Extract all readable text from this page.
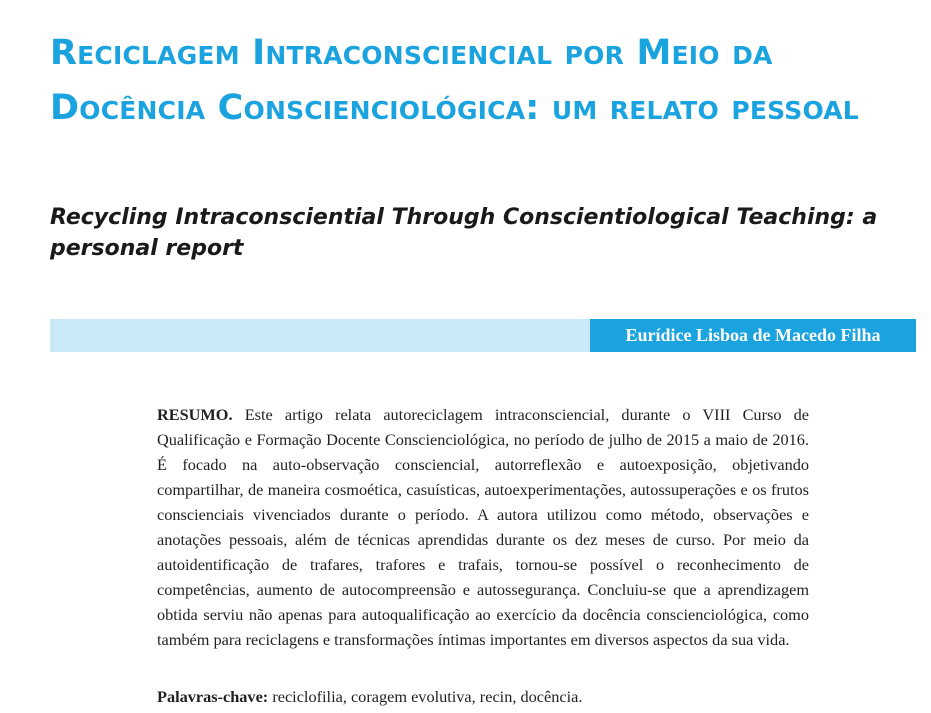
Reciclagem Intraconsciencial por Meio da Docência Conscienciológica: um relato pessoal
Recycling Intraconsciential Through Conscientiological Teaching: a personal report
Eurídice Lisboa de Macedo Filha

RESUMO. Este artigo relata autoreciclagem intraconsciencial, durante o VIII Curso de Qualificação e Formação Docente Conscienciológica, no período de julho de 2015 a maio de 2016. É focado na auto-observação consciencial, autorreflexão e autoexposição, objetivando compartilhar, de maneira cosmoética, casuísticas, autoexperimentações, autossuperações e os frutos conscienciais vivenciados durante o período. A autora utilizou como método, observações e anotações pessoais, além de técnicas aprendidas durante os dez meses de curso. Por meio da autoidentificação de trafares, trafores e trafais, tornou-se possível o reconhecimento de competências, aumento de autocompreensão e autossegurança. Concluiu-se que a aprendizagem obtida serviu não apenas para autoqualificação ao exercício da docência conscienciológica, como também para reciclagens e transformações íntimas importantes em diversos aspectos da sua vida.

Palavras-chave: reciclofilia, coragem evolutiva, recin, docência.
